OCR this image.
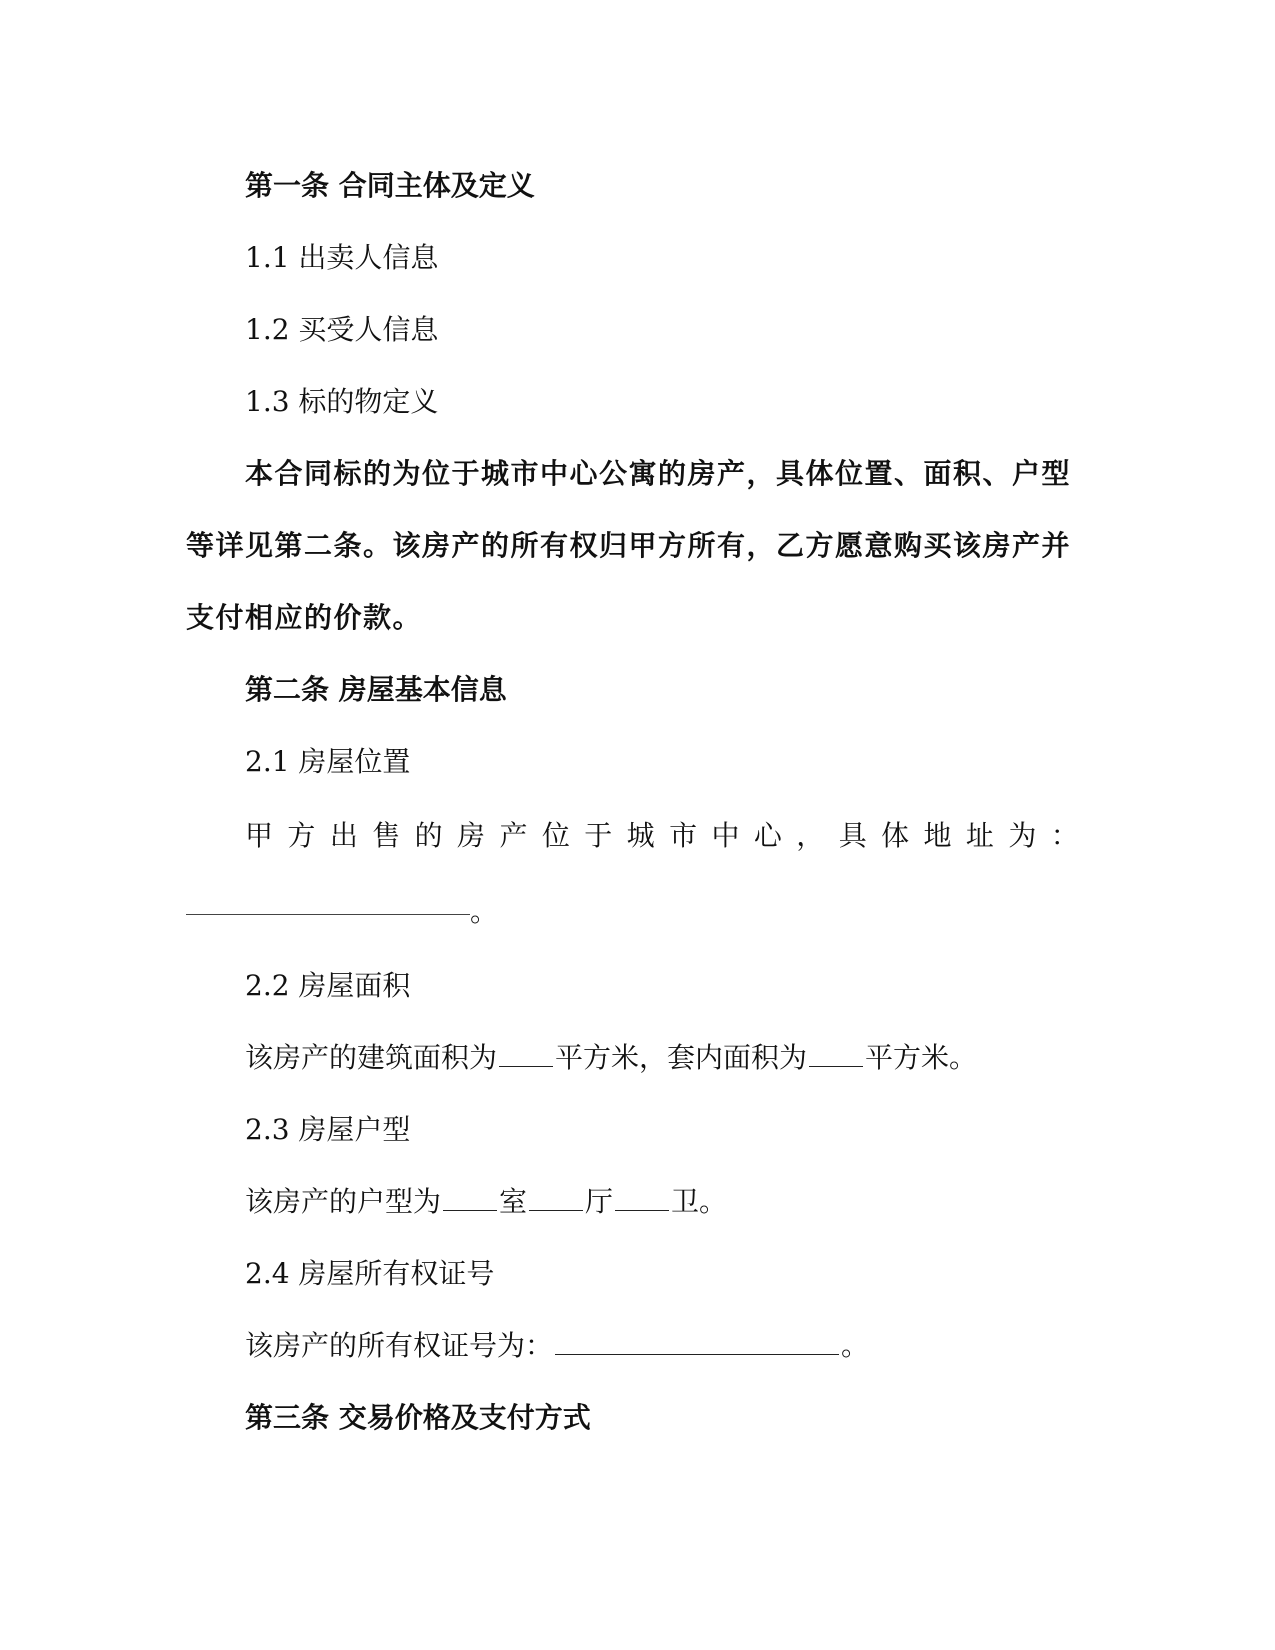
第一条 合同主体及定义
1.1 出卖人信息
1.2 买受人信息
1.3 标的物定义
本合同标的为位于城市中心公寓的房产，具体位置、面积、户型
等详见第二条。该房产的所有权归甲方所有，乙方愿意购买该房产并
支付相应的价款。
第二条 房屋基本信息
2.1 房屋位置
甲 方 出 售 的 房 产 位 于 城 市 中 心 ， 具 体 地 址 为 ：
。
2.2 房屋面积
该房产的建筑面积为 平方米，套内面积为 平方米。
2.3 房屋户型
该房产的户型为 室 厅 卫。
2.4 房屋所有权证号
该房产的所有权证号为：	。
第三条 交易价格及支付方式
